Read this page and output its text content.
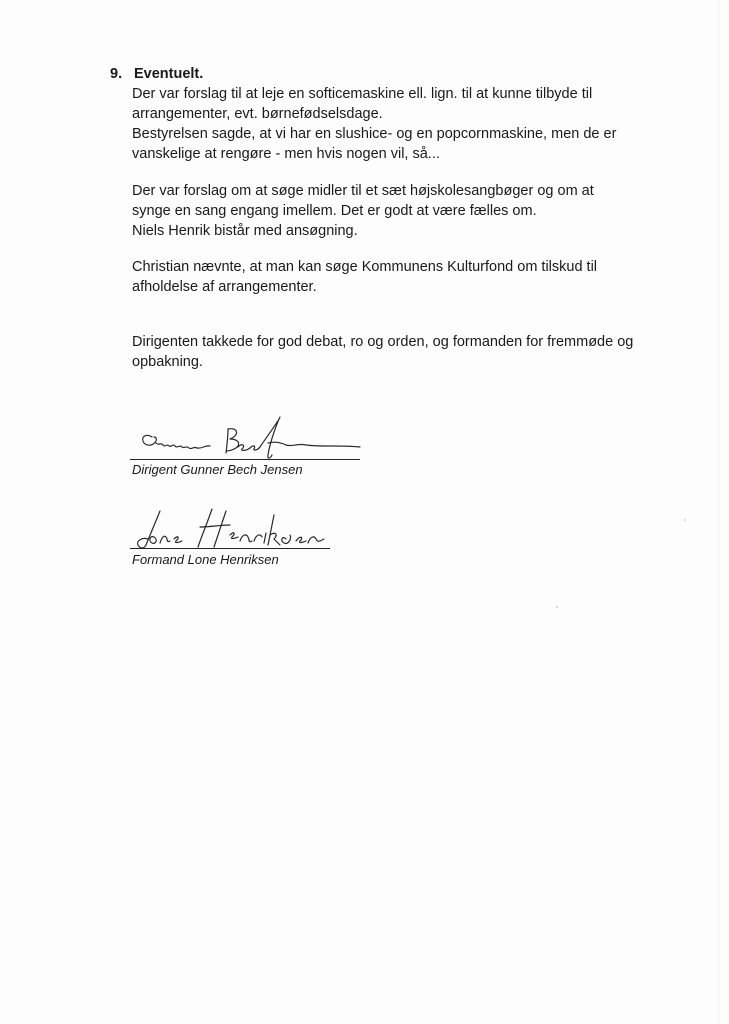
9. Eventuelt.

Der var forslag til at leje en softicemaskine ell. lign. til at kunne tilbyde til

arrangementer, evt. børnefødselsdage.

Bestyrelsen sagde, at vi har en slushice- og en popcornmaskine, men de er

vanskelige at rengøre - men hvis nogen vil, så...

Der var forslag om at søge midler til et sæt højskolesangbøger og om at

synge en sang engang imellem. Det er godt at være fælles om.

Niels Henrik bistår med ansøgning.

Christian nævnte, at man kan søge Kommunens Kulturfond om tilskud til

afholdelse af arrangementer.

Dirigenten takkede for god debat, ro og orden, og formanden for fremmøde og

opbakning.

Dirigent Gunner Bech Jensen
Formand Lone Henriksen
